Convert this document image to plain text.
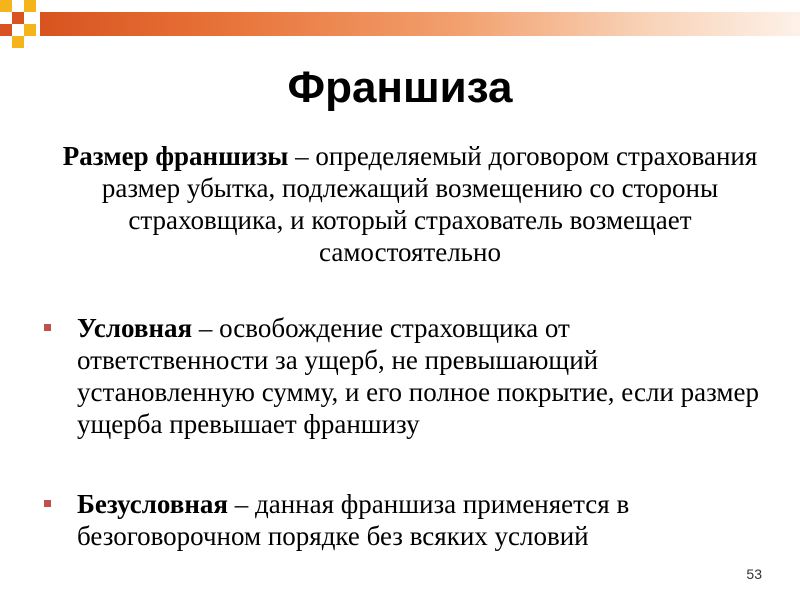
Франшиза
Размер франшизы – определяемый договором страхования размер убытка, подлежащий возмещению со стороны страховщика, и который страхователь возмещает самостоятельно
Условная – освобождение страховщика от ответственности за ущерб, не превышающий установленную сумму, и его полное покрытие, если размер ущерба превышает франшизу
Безусловная – данная франшиза применяется в безоговорочном порядке без всяких условий
53
